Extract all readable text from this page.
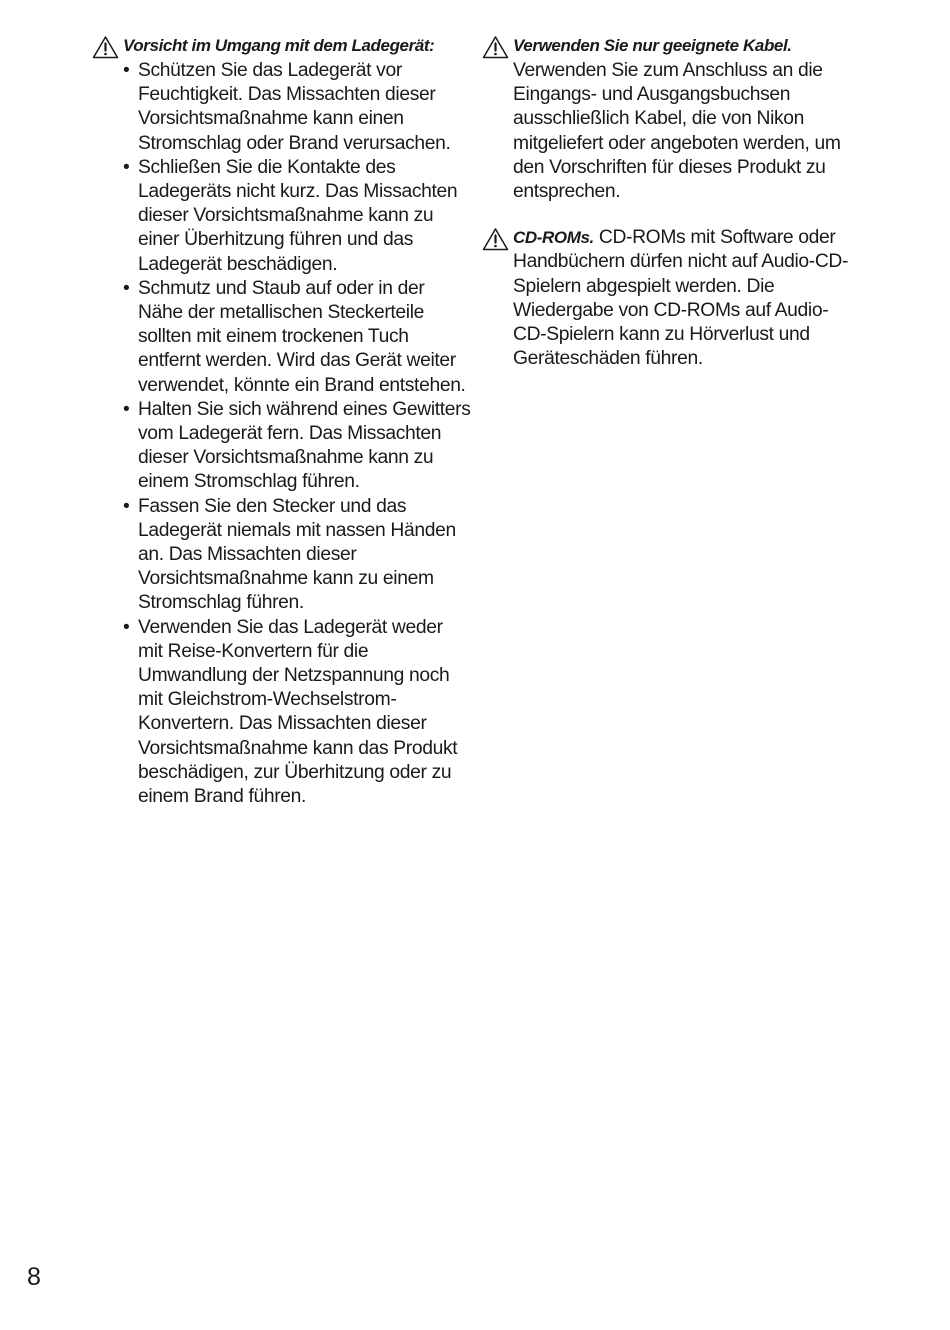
Vorsicht im Umgang mit dem Ladegerät:
• Schützen Sie das Ladegerät vor Feuchtigkeit. Das Missachten dieser Vorsichtsmaßnahme kann einen Stromschlag oder Brand verursachen.
• Schließen Sie die Kontakte des Ladegeräts nicht kurz. Das Missachten dieser Vorsichtsmaßnahme kann zu einer Überhitzung führen und das Ladegerät beschädigen.
• Schmutz und Staub auf oder in der Nähe der metallischen Steckerteile sollten mit einem trockenen Tuch entfernt werden. Wird das Gerät weiter verwendet, könnte ein Brand entstehen.
• Halten Sie sich während eines Gewitters vom Ladegerät fern. Das Missachten dieser Vorsichtsmaßnahme kann zu einem Stromschlag führen.
• Fassen Sie den Stecker und das Ladegerät niemals mit nassen Händen an. Das Missachten dieser Vorsichtsmaßnahme kann zu einem Stromschlag führen.
• Verwenden Sie das Ladegerät weder mit Reise-Konvertern für die Umwandlung der Netzspannung noch mit Gleichstrom-Wechselstrom-Konvertern. Das Missachten dieser Vorsichtsmaßnahme kann das Produkt beschädigen, zur Überhitzung oder zu einem Brand führen.
Verwenden Sie nur geeignete Kabel.
Verwenden Sie zum Anschluss an die Eingangs- und Ausgangsbuchsen ausschließlich Kabel, die von Nikon mitgeliefert oder angeboten werden, um den Vorschriften für dieses Produkt zu entsprechen.
CD-ROMs. CD-ROMs mit Software oder Handbüchern dürfen nicht auf Audio-CD-Spielern abgespielt werden. Die Wiedergabe von CD-ROMs auf Audio-CD-Spielern kann zu Hörverlust und Geräteschäden führen.
8
